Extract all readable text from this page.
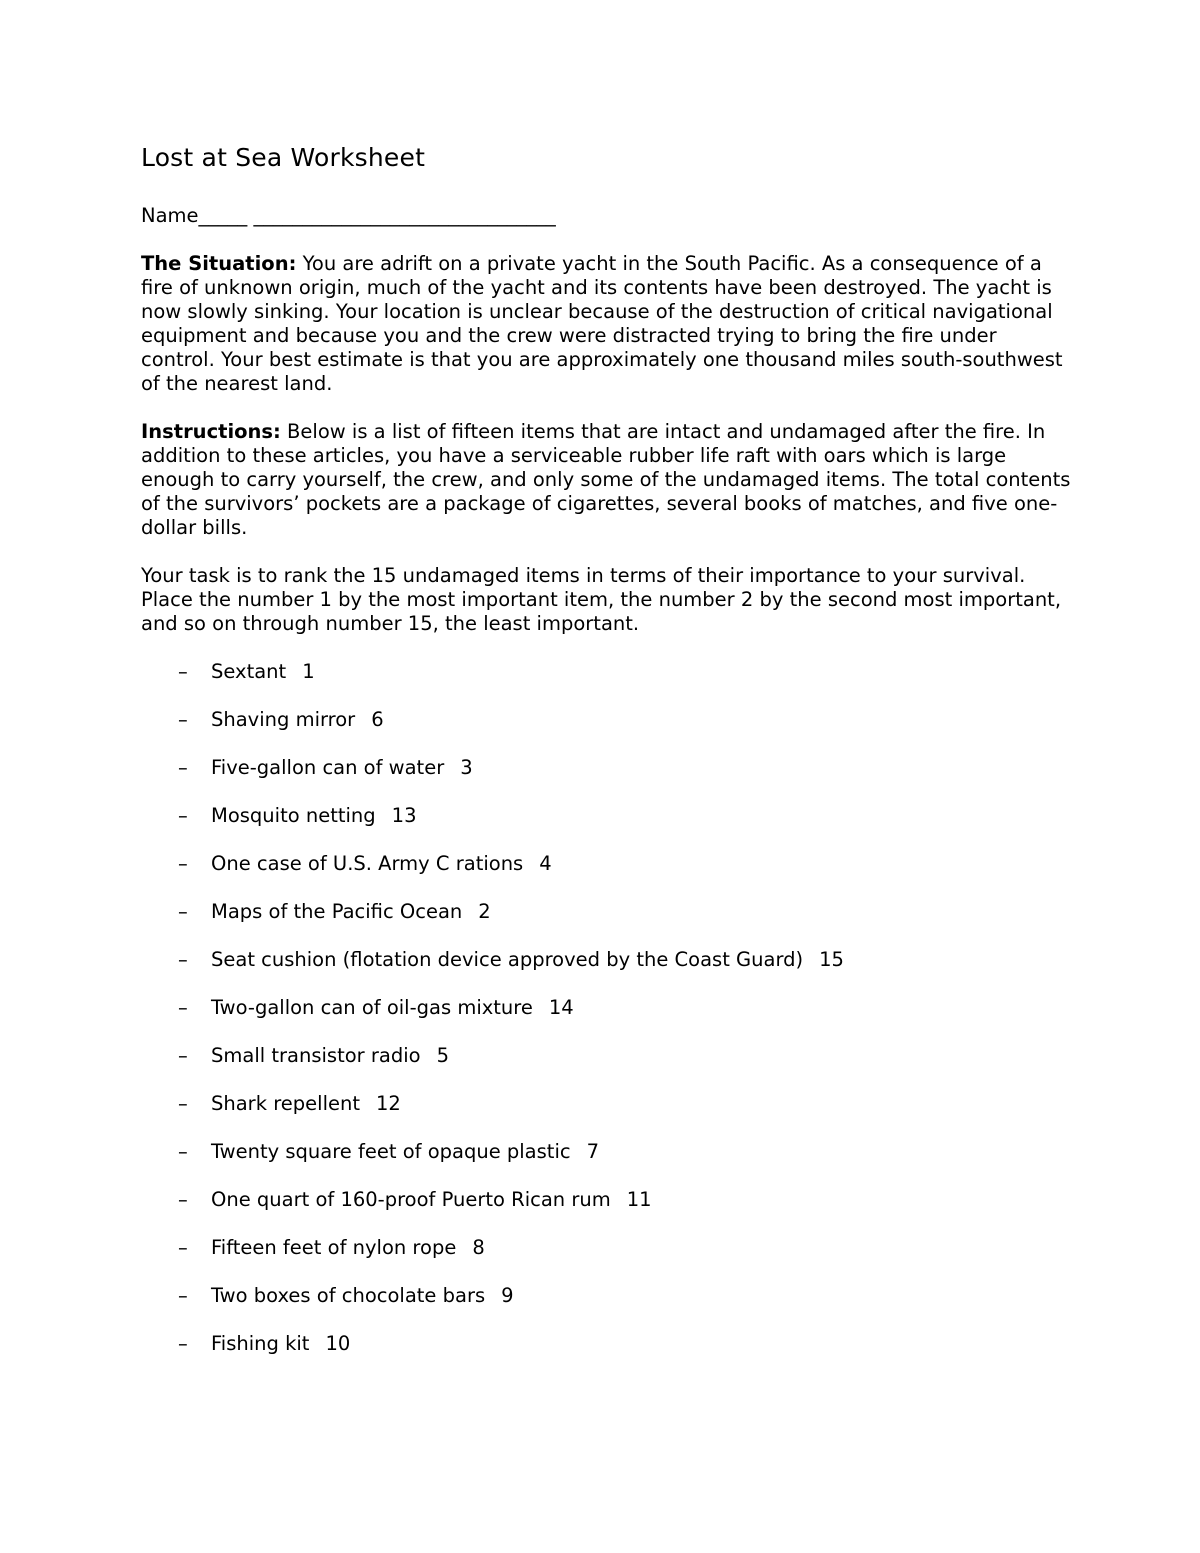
Lost at Sea Worksheet

Name_____ _______________________________

The Situation: You are adrift on a private yacht in the South Pacific. As a consequence of a fire of unknown origin, much of the yacht and its contents have been destroyed. The yacht is now slowly sinking. Your location is unclear because of the destruction of critical navigational equipment and because you and the crew were distracted trying to bring the fire under control. Your best estimate is that you are approximately one thousand miles south-southwest of the nearest land.

Instructions: Below is a list of fifteen items that are intact and undamaged after the fire. In addition to these articles, you have a serviceable rubber life raft with oars which is large enough to carry yourself, the crew, and only some of the undamaged items. The total contents of the survivors’ pockets are a package of cigarettes, several books of matches, and five one-dollar bills.

Your task is to rank the 15 undamaged items in terms of their importance to your survival. Place the number 1 by the most important item, the number 2 by the second most important, and so on through number 15, the least important.

– Sextant 1
– Shaving mirror 6
– Five-gallon can of water 3
– Mosquito netting 13
– One case of U.S. Army C rations 4
– Maps of the Pacific Ocean 2
– Seat cushion (flotation device approved by the Coast Guard) 15
– Two-gallon can of oil-gas mixture 14
– Small transistor radio 5
– Shark repellent 12
– Twenty square feet of opaque plastic 7
– One quart of 160-proof Puerto Rican rum 11
– Fifteen feet of nylon rope 8
– Two boxes of chocolate bars 9
– Fishing kit 10
